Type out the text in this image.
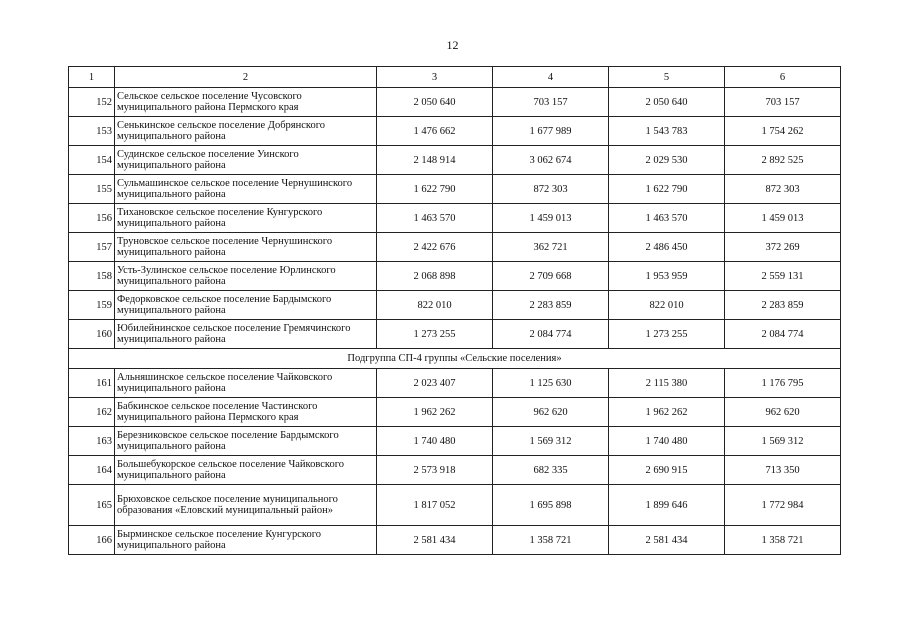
12
1	2	3	4	5	6
152	Сельское сельское поселение Чусовского муниципального района Пермского края	2 050 640	703 157	2 050 640	703 157
153	Сенькинское сельское поселение Добрянского муниципального района	1 476 662	1 677 989	1 543 783	1 754 262
154	Судинское сельское поселение Уинского муниципального района	2 148 914	3 062 674	2 029 530	2 892 525
155	Сульмашинское сельское поселение Чернушинского муниципального района	1 622 790	872 303	1 622 790	872 303
156	Тихановское сельское поселение Кунгурского муниципального района	1 463 570	1 459 013	1 463 570	1 459 013
157	Труновское сельское поселение Чернушинского муниципального района	2 422 676	362 721	2 486 450	372 269
158	Усть-Зулинское сельское поселение Юрлинского муниципального района	2 068 898	2 709 668	1 953 959	2 559 131
159	Федорковское сельское поселение Бардымского муниципального района	822 010	2 283 859	822 010	2 283 859
160	Юбилейнинское сельское поселение Гремячинского муниципального района	1 273 255	2 084 774	1 273 255	2 084 774
Подгруппа СП-4 группы «Сельские поселения»					
161	Альняшинское сельское поселение Чайковского муниципального района	2 023 407	1 125 630	2 115 380	1 176 795
162	Бабкинское сельское поселение Частинского муниципального района Пермского края	1 962 262	962 620	1 962 262	962 620
163	Березниковское сельское поселение Бардымского муниципального района	1 740 480	1 569 312	1 740 480	1 569 312
164	Большебукорское сельское поселение Чайковского муниципального района	2 573 918	682 335	2 690 915	713 350
165	Брюховское сельское поселение муниципального образования «Еловский муниципальный район»	1 817 052	1 695 898	1 899 646	1 772 984
166	Бырминское сельское поселение Кунгурского муниципального района	2 581 434	1 358 721	2 581 434	1 358 721
